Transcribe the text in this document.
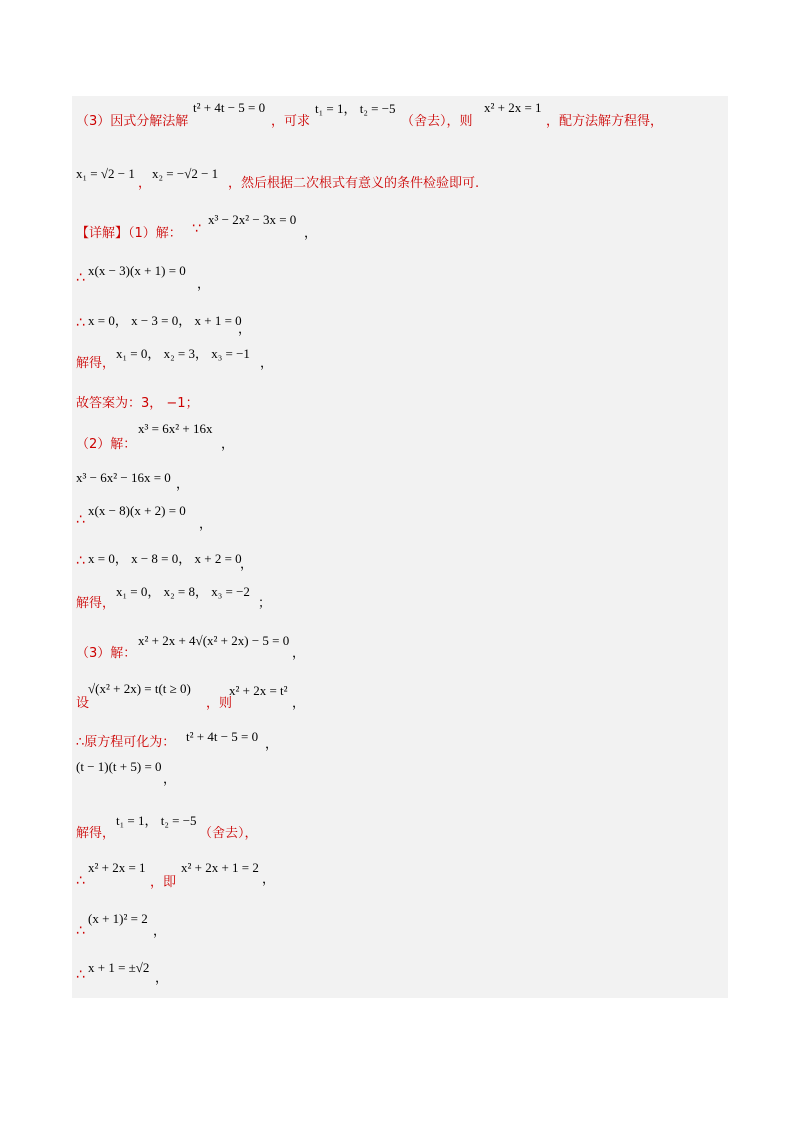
（3）因式分解法解
t² + 4t − 5 = 0
，可求
t₁ = 1， t₂ = −5
（舍去），则
x² + 2x = 1
，配方法解方程得，
x₁ = √2 − 1
，
x₂ = −√2 − 1
，然后根据二次根式有意义的条件检验即可.
【详解】（1）解： ∵
x³ − 2x² − 3x = 0
，
∴ x(x − 3)(x + 1) = 0
，
∴ x = 0， x − 3 = 0， x + 1 = 0
，
解得，
x₁ = 0， x₂ = 3， x₃ = −1
，
故答案为：3， −1；
（2）解：
x³ = 6x² + 16x
，
x³ − 6x² − 16x = 0 ，
∴
x(x − 8)(x + 2) = 0
，
∴ x = 0， x − 8 = 0， x + 2 = 0
，
解得，
x₁ = 0， x₂ = 8， x₃ = −2
；
（3）解：
x² + 2x + 4√(x² + 2x) − 5 = 0
，
设
√(x² + 2x) = t(t ≥ 0)
，则
x² + 2x = t²
，
∴原方程可化为： t² + 4t − 5 = 0
，
(t − 1)(t + 5) = 0
，
解得，
t₁ = 1， t₂ = −5
（舍去），
∴
x² + 2x = 1
，即
x² + 2x + 1 = 2
，
∴
(x + 1)² = 2
，
∴ x + 1 = ±√2
，
